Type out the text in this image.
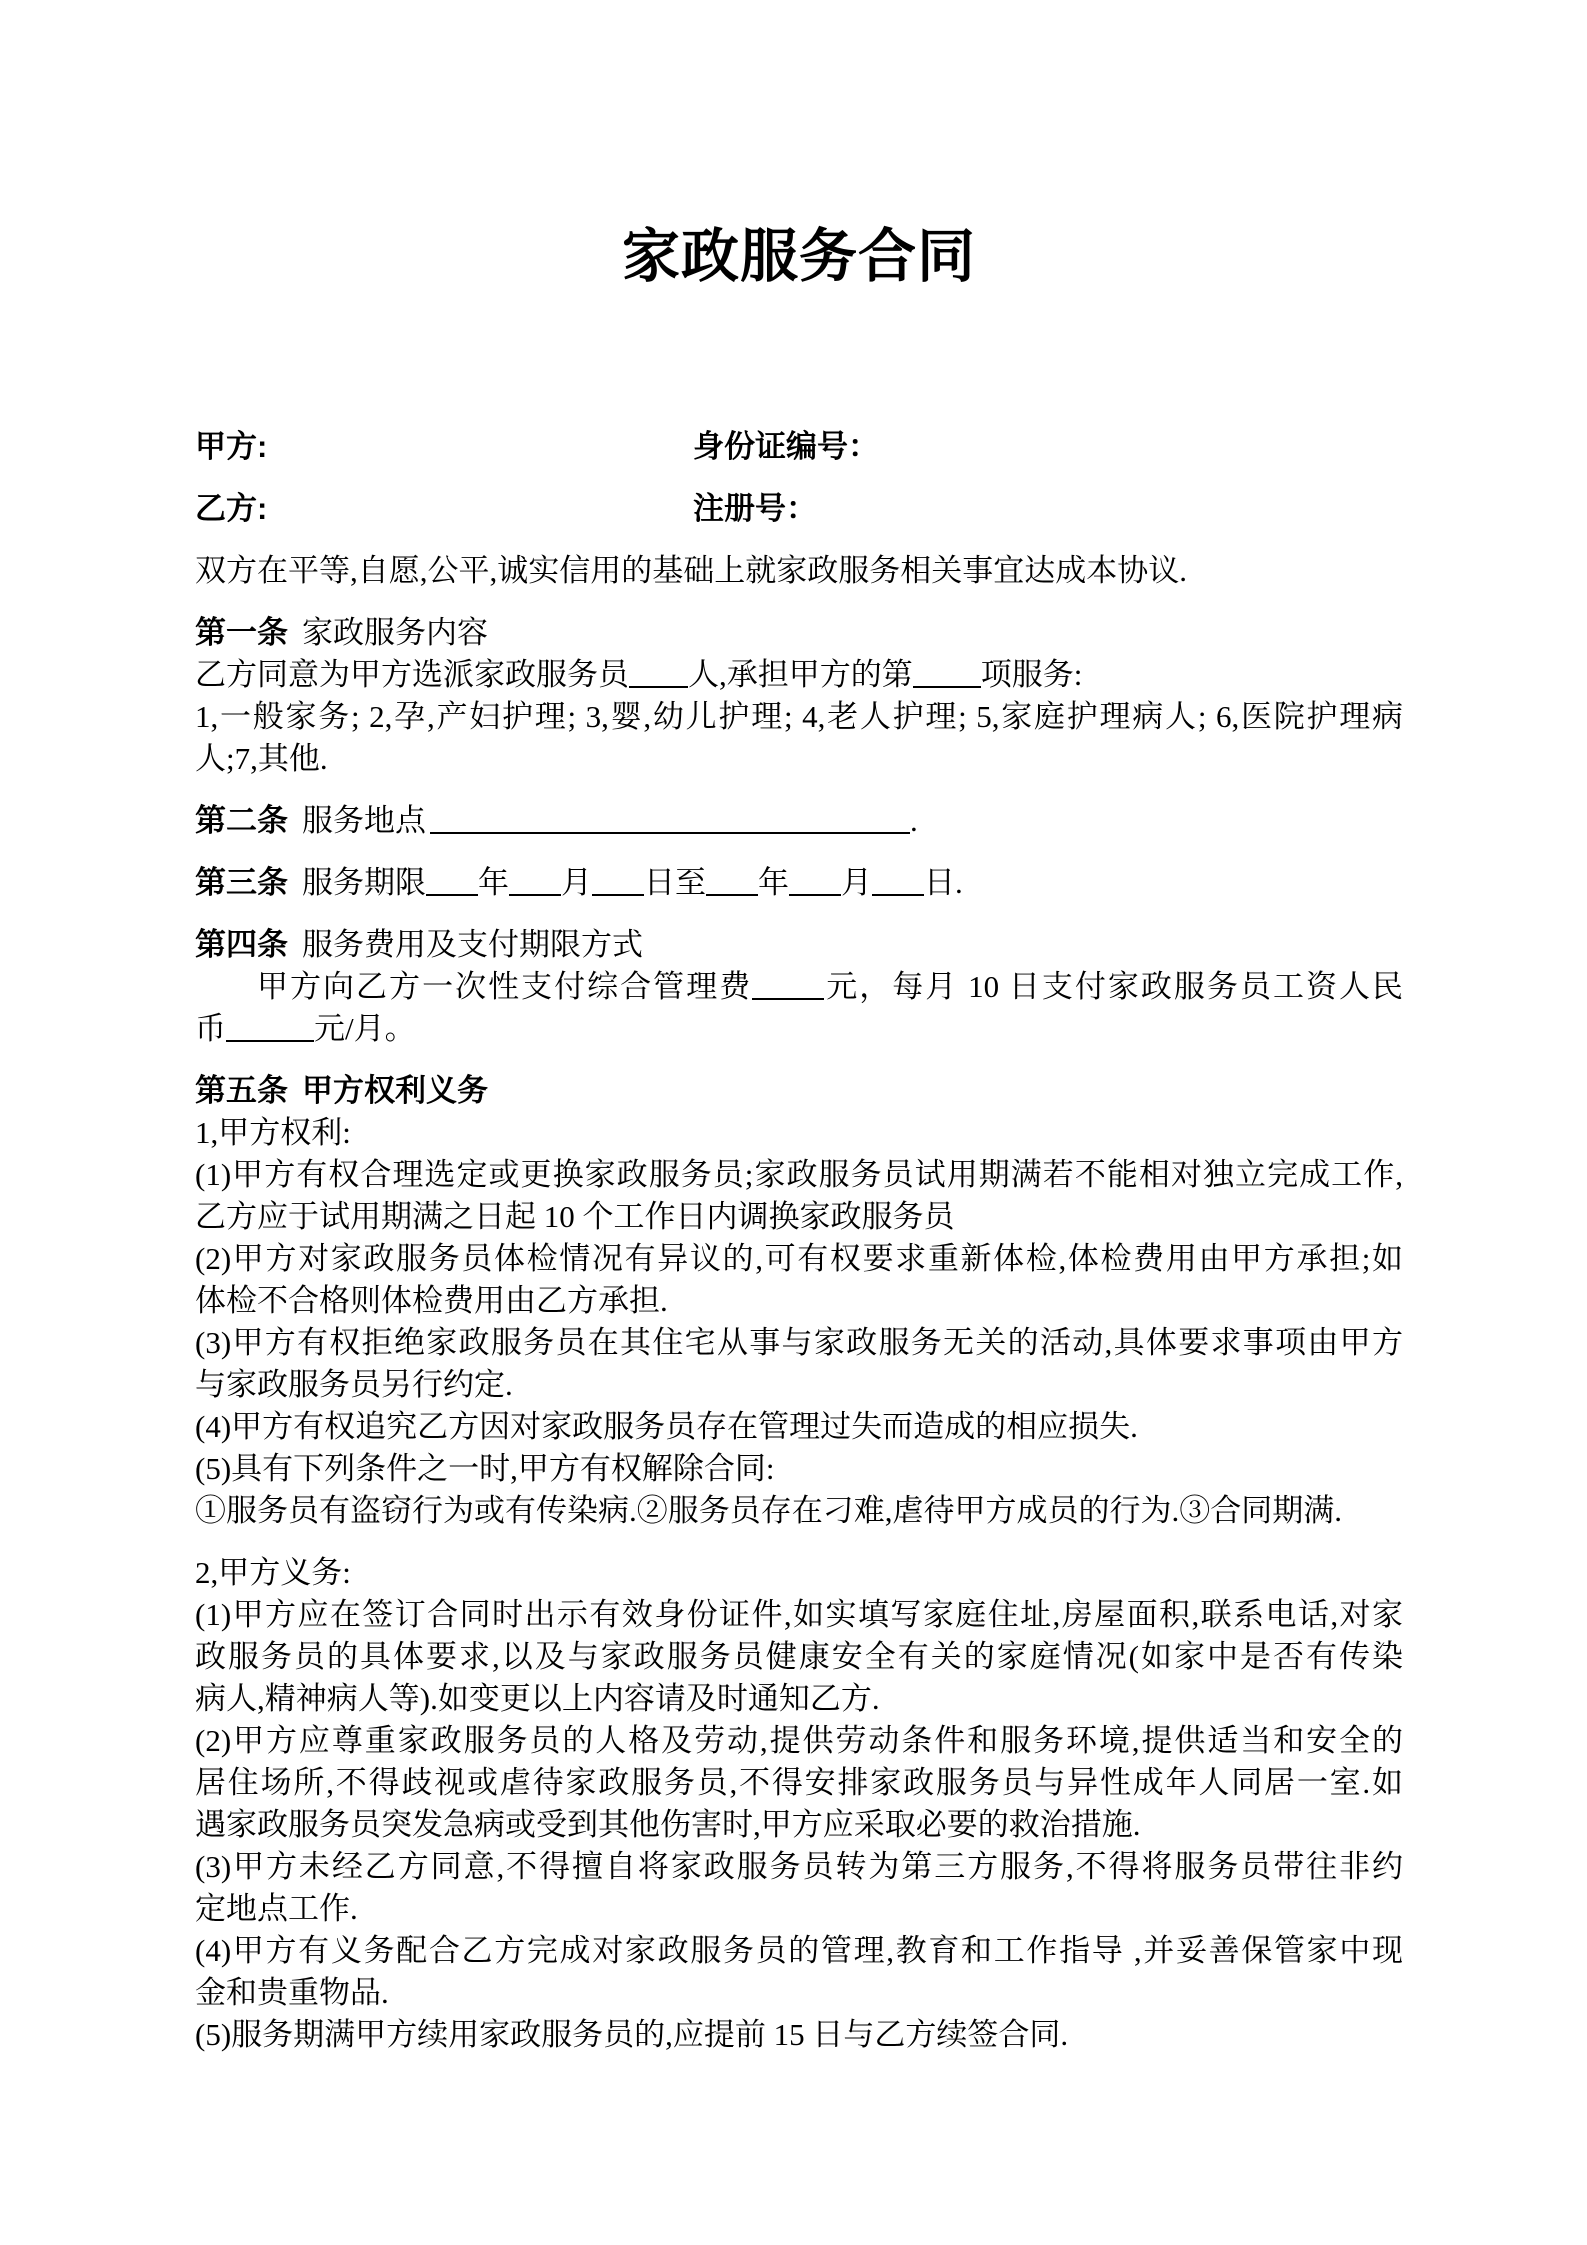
家政服务合同
甲方:	身份证编号：
乙方:	注册号：
双方在平等,自愿,公平,诚实信用的基础上就家政服务相关事宜达成本协议.
第一条 家政服务内容
乙方同意为甲方选派家政服务员 人,承担甲方的第 项服务:
1,一般家务; 2,孕,产妇护理; 3,婴,幼儿护理; 4,老人护理; 5,家庭护理病人; 6,医院护理病
人;7,其他.
第二条 服务地点	.
第三条 服务期限 年 月 日至 年 月 日.
第四条 服务费用及支付期限方式
甲方向乙方一次性支付综合管理费 元，每月 10 日支付家政服务员工资人民
币	元/月。
第五条 甲方权利义务
1,甲方权利:
(1)甲方有权合理选定或更换家政服务员;家政服务员试用期满若不能相对独立完成工作,
乙方应于试用期满之日起 10 个工作日内调换家政服务员
(2)甲方对家政服务员体检情况有异议的,可有权要求重新体检,体检费用由甲方承担;如
体检不合格则体检费用由乙方承担.
(3)甲方有权拒绝家政服务员在其住宅从事与家政服务无关的活动,具体要求事项由甲方
与家政服务员另行约定.
(4)甲方有权追究乙方因对家政服务员存在管理过失而造成的相应损失.
(5)具有下列条件之一时,甲方有权解除合同:
①服务员有盗窃行为或有传染病.②服务员存在刁难,虐待甲方成员的行为.③合同期满.
2,甲方义务:
(1)甲方应在签订合同时出示有效身份证件,如实填写家庭住址,房屋面积,联系电话,对家
政服务员的具体要求,以及与家政服务员健康安全有关的家庭情况(如家中是否有传染
病人,精神病人等).如变更以上内容请及时通知乙方.
(2)甲方应尊重家政服务员的人格及劳动,提供劳动条件和服务环境,提供适当和安全的
居住场所,不得歧视或虐待家政服务员,不得安排家政服务员与异性成年人同居一室.如
遇家政服务员突发急病或受到其他伤害时,甲方应采取必要的救治措施.
(3)甲方未经乙方同意,不得擅自将家政服务员转为第三方服务,不得将服务员带往非约
定地点工作.
(4)甲方有义务配合乙方完成对家政服务员的管理,教育和工作指导 ,并妥善保管家中现
金和贵重物品.
(5)服务期满甲方续用家政服务员的,应提前 15 日与乙方续签合同.
